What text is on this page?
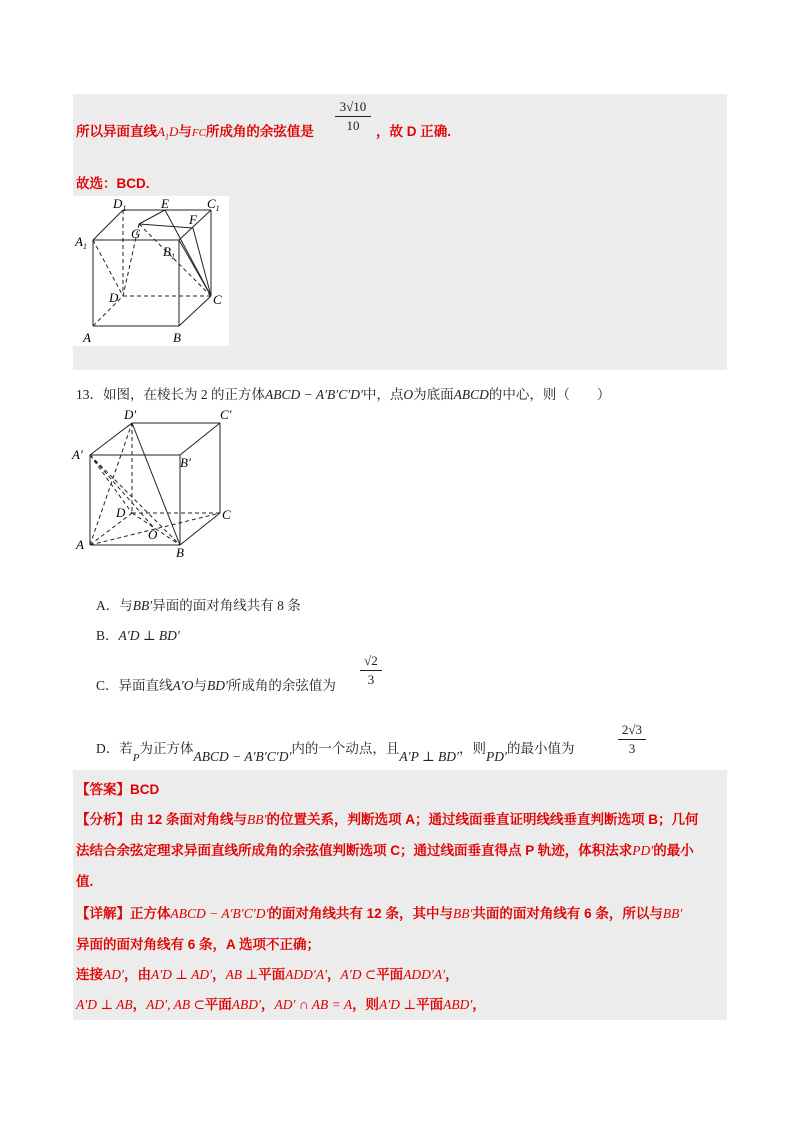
所以异面直线$A_1D$与FC所成角的余弦值是
3√10
10	，故 D 正确.
故选：BCD.
$D_1$	E	$C_1$
$A_1$
G
F
$B_1$
D	C
A	B
13．如图，在棱长为 2 的正方体ABCD − A′B′C′D′中，点O为底面ABCD的中心，则（　　）
D′	C′
A′
B′
D	C
A
O
B
A．与BB′异面的面对角线共有 8 条
B．A′D ⊥ BD′
C．异面直线A′O与BD′所成角的余弦值为
√2
3
D．若$_P$为正方体ABCD − A′B′C′D′内的一个动点，且A′P ⊥ BD′，则PD′的最小值为
2√3
3
【答案】BCD
【分析】由 12 条面对角线与BB′的位置关系，判断选项 A；通过线面垂直证明线线垂直判断选项 B；几何
法结合余弦定理求异面直线所成角的余弦值判断选项 C；通过线面垂直得点 P 轨迹，体积法求PD′的最小
值.
【详解】正方体ABCD − A′B′C′D′的面对角线共有 12 条，其中与BB′共面的面对角线有 6 条，所以与BB′
异面的面对角线有 6 条，A 选项不正确；
连接AD′，由A′D ⊥ AD′，AB ⊥平面ADD′A′，A′D ⊂平面ADD′A′，
A′D ⊥ AB，AD′, AB ⊂平面ABD′，AD′ ∩ AB = A，则A′D ⊥平面ABD′，
